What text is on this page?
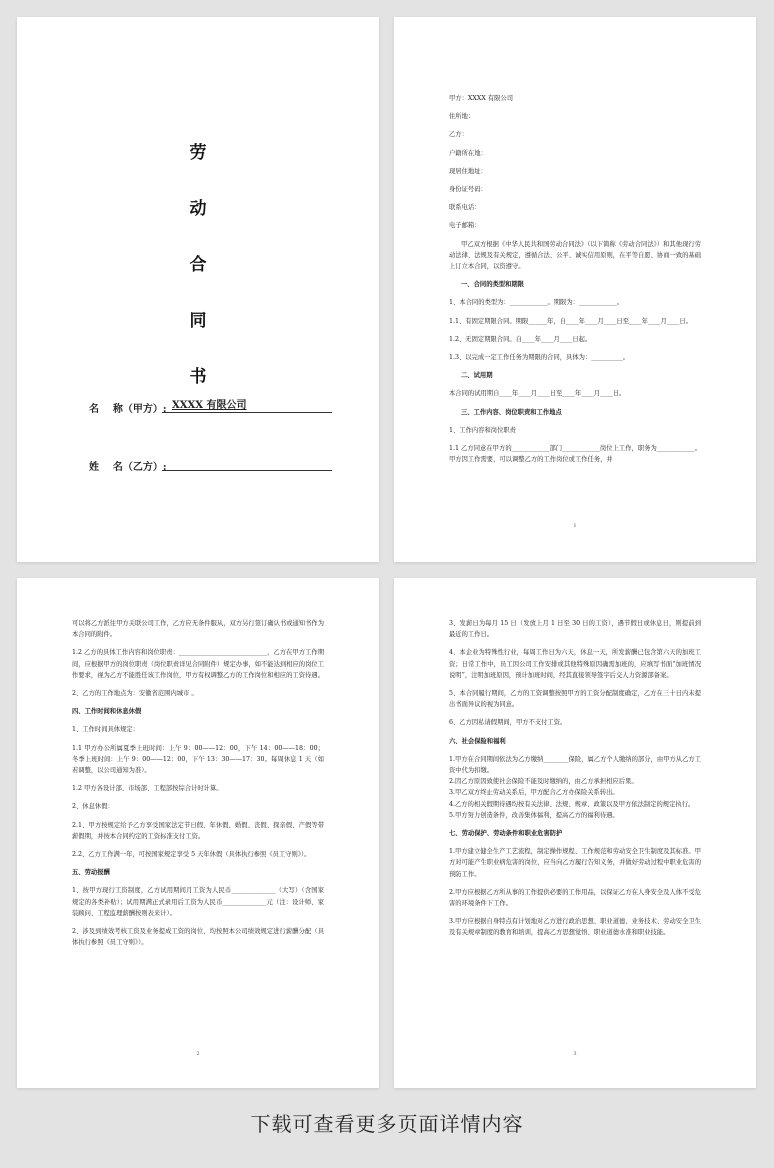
劳
动
合
同
书
名    称（甲方）: XXXX 有限公司
姓    名（乙方）:

甲方：XXXX 有限公司

住所地：

乙方：

户籍所在地：

现居住地址：

身份证号码：

联系电话：

电子邮箱：

甲乙双方根据《中华人民共和国劳动合同法》（以下简称《劳动合同法》）和其他现行劳动法律、法规及有关规定，遵循合法、公平、诚实信用原则，在平等自愿、协商一致的基础上订立本合同，以资遵守。

一、合同的类型和期限

1、本合同的类型为：____________。期限为：____________。

1.1、有固定期限合同。期限______年，自____年____月____日至____年____月____日。

1.2、无固定期限合同。自____年____月____日起。

1.3、以完成一定工作任务为期限的合同，具体为：__________。

二、试用期

本合同的试用期自____年____月____日至____年____月____日。

三、工作内容、岗位职责和工作地点

1、工作内容和岗位职责

1.1 乙方同意在甲方的____________部门____________岗位上工作，职务为____________。甲方因工作需要，可以调整乙方的工作岗位或工作任务，并

1

可以将乙方派往甲方关联公司工作，乙方应无条件服从，双方另行签订确认书或通知书作为本合同的附件。

1.2 乙方的具体工作内容和岗位职责：____________________________，乙方在甲方工作期间，应根据甲方的岗位职责（岗位职责详见合同附件）规定办事，如不能达到相应的岗位工作要求，视为乙方不能胜任该工作岗位，甲方有权调整乙方的工作岗位和相应的工资待遇。

2、乙方的工作地点为：安徽省范围内城市 。

四、工作时间和休息休假

1、工作时间具体规定：

1.1 甲方办公所属夏季上班时间：上午 9：00——12：00，下午 14：00——18：00；冬季上班时间：上午 9：00——12：00，下午 13：30——17：30。每周休息 1 天（如若调整，以公司通知为准）。

1.2 甲方各设计部、市场部、工程部按综合计时计算。

2、休息休假：

2.1、甲方按规定给予乙方享受国家法定节日假、年休假、婚假、丧假、探亲假、产假等带薪假期，并按本合同约定的工资标准支付工资。

2.2、乙方工作满一年，可按国家规定享受 5 天年休假（具体执行参照《员工守则》）。

五、劳动报酬

1、按甲方现行工资制度，乙方试用期间月工资为人民币______________（大写）（含国家规定的各类补贴）；试用期满正式录用后工资为人民币______________元（注：设计师、家装顾问、工程监理薪酬按则表来计）。

2、涉及到绩效考核工资及业务提成工资的岗位，均按照本公司绩效规定进行薪酬分配（具体执行参照《员工守则》）。

2

3、发薪日为每月 15 日（发放上月 1 日至 30 日的工资），遇节假日或休息日，则提前到最近的工作日。

4、本企业为特殊性行业，每周工作日为六天，休息一天，所发薪酬已包含第六天的加班工资；日常工作中，员工因公司工作安排或其他特殊原因确需加班的，应填写书面“加班情况说明”，注明加班原因，预计加班时间，经其直接领导签字后交人力资源部备案。

5、本合同履行期间，乙方的工资调整按照甲方的工资分配制度确定，乙方在三十日内未提出书面异议的视为同意。

6、乙方因私请假期间，甲方不支付工资。

六、社会保险和福利

1.甲方在合同期间依法为乙方缴纳________保险，属乙方个人缴纳的部分，由甲方从乙方工资中代为扣缴。

2.因乙方原因致使社会保险不能及时缴纳的，由乙方承担相应后果。

3.甲乙双方终止劳动关系后，甲方配合乙方办保险关系转出。

4.乙方的相关假期待遇均按有关法律、法规、规章、政策以及甲方依法制定的规定执行。

5.甲方努力创造条件，改善集体福利，提高乙方的福利待遇。

七、劳动保护、劳动条件和职业危害防护

1.甲方建立健全生产工艺流程，制定操作规程、工作规范和劳动安全卫生制度及其标准。甲方对可能产生职业病危害的岗位，应当向乙方履行告知义务，并做好劳动过程中职业危害的预防工作。

2.甲方应根据乙方所从事的工作提供必要的工作用品，以保证乙方在人身安全及人体不受危害的环境条件下工作。

3.甲方应根据自身特点有计划地对乙方进行政治思想、职业道德、业务技术、劳动安全卫生及有关规章制度的教育和培训，提高乙方思想觉悟、职业道德水准和职业技能。

3
下载可查看更多页面详情内容
